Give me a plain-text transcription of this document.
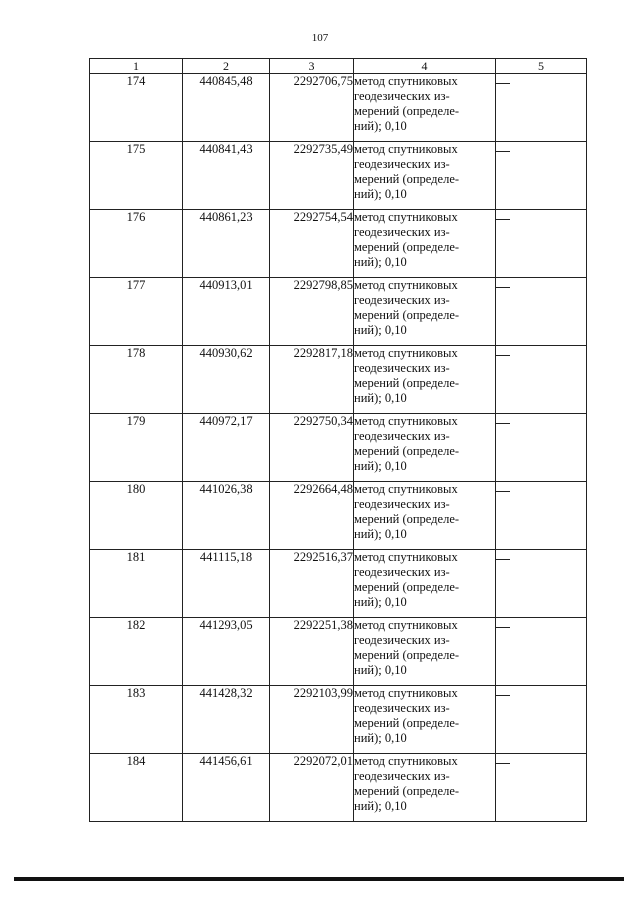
107
1	2	3	4	5
174	440845,48	2292706,75	метод спутниковых
геодезических из-
мерений (определе-
ний); 0,10	

175	440841,43	2292735,49	метод спутниковых
геодезических из-
мерений (определе-
ний); 0,10	

176	440861,23	2292754,54	метод спутниковых
геодезических из-
мерений (определе-
ний); 0,10	

177	440913,01	2292798,85	метод спутниковых
геодезических из-
мерений (определе-
ний); 0,10	

178	440930,62	2292817,18	метод спутниковых
геодезических из-
мерений (определе-
ний); 0,10	

179	440972,17	2292750,34	метод спутниковых
геодезических из-
мерений (определе-
ний); 0,10	

180	441026,38	2292664,48	метод спутниковых
геодезических из-
мерений (определе-
ний); 0,10	

181	441115,18	2292516,37	метод спутниковых
геодезических из-
мерений (определе-
ний); 0,10	

182	441293,05	2292251,38	метод спутниковых
геодезических из-
мерений (определе-
ний); 0,10	

183	441428,32	2292103,99	метод спутниковых
геодезических из-
мерений (определе-
ний); 0,10	

184	441456,61	2292072,01	метод спутниковых
геодезических из-
мерений (определе-
ний); 0,10	
